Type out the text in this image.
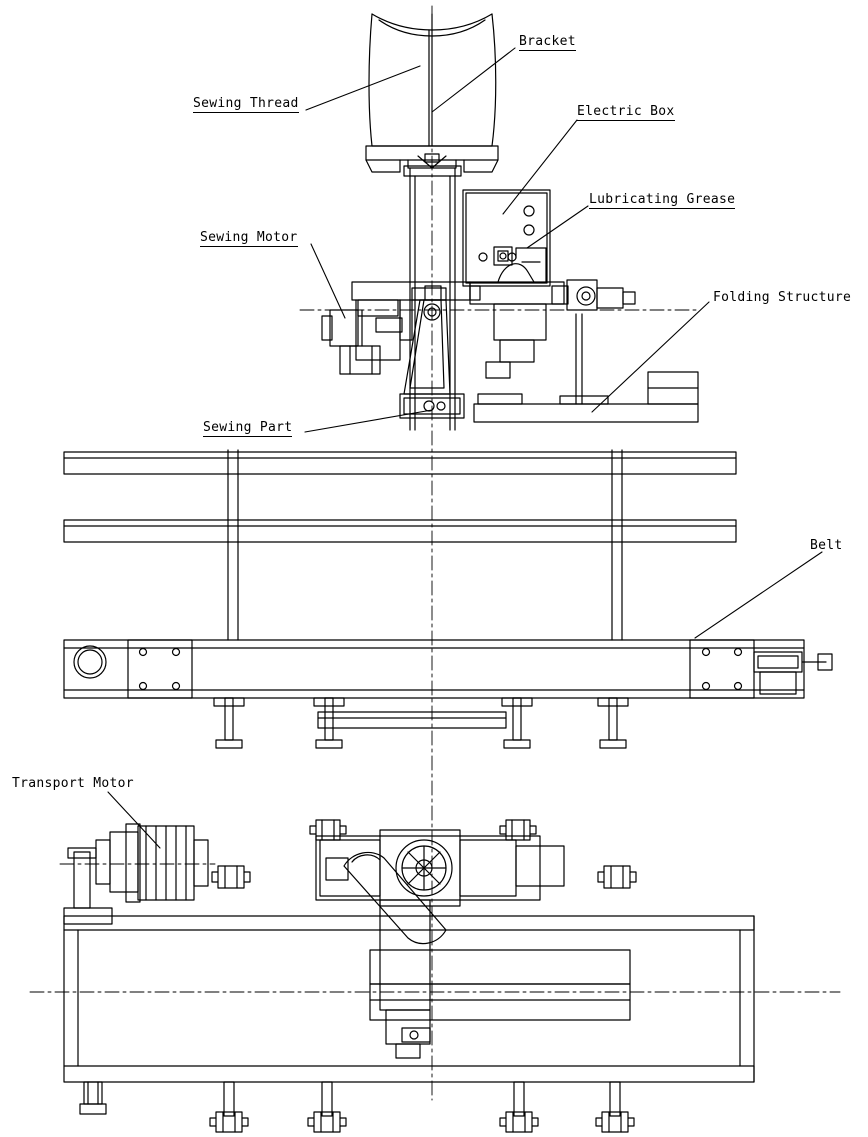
Bracket
Sewing Thread
Electric Box
Lubricating Grease
Sewing Motor
Folding Structure
Sewing Part
Belt
Transport Motor
